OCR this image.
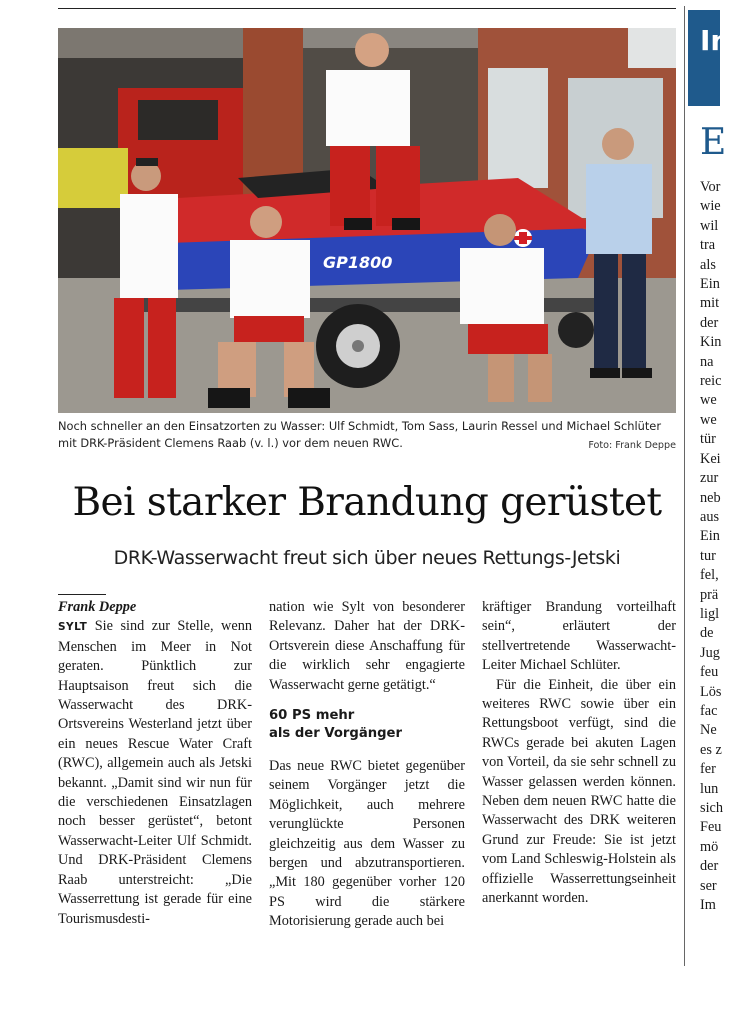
GP1800
Noch schneller an den Einsatzorten zu Wasser: Ulf Schmidt, Tom Sass, Laurin Ressel und Michael Schlüter mit DRK-Präsident Clemens Raab (v. l.) vor dem neuen RWC.	Foto: Frank Deppe
Bei starker Brandung gerüstet
DRK-Wasserwacht freut sich über neues Rettungs-Jetski

Frank Deppe

SYLT Sie sind zur Stelle, wenn Menschen im Meer in Not geraten. Pünktlich zur Hauptsaison freut sich die Wasserwacht des DRK-Ortsvereins Westerland jetzt über ein neues Rescue Water Craft (RWC), allgemein auch als Jetski bekannt. „Damit sind wir nun für die verschiedenen Einsatzlagen noch besser gerüstet“, betont Wasserwacht-Leiter Ulf Schmidt. Und DRK-Präsident Clemens Raab unterstreicht: „Die Wasserrettung ist gerade für eine Tourismusdesti-

nation wie Sylt von besonderer Relevanz. Daher hat der DRK-Ortsverein diese Anschaffung für die wirklich sehr engagierte Wasserwacht gerne getätigt.“

60 PS mehr
als der Vorgänger

Das neue RWC bietet gegenüber seinem Vorgänger jetzt die Möglichkeit, auch mehrere verunglückte Personen gleichzeitig aus dem Wasser zu bergen und abzutransportieren. „Mit 180 gegenüber vorher 120 PS wird die stärkere Motorisierung gerade auch bei

kräftiger Brandung vorteilhaft sein“, erläutert der stellvertretende Wasserwacht-Leiter Michael Schlüter.

Für die Einheit, die über ein weiteres RWC sowie über ein Rettungsboot verfügt, sind die RWCs gerade bei akuten Lagen von Vorteil, da sie sehr schnell zu Wasser gelassen werden können. Neben dem neuen RWC hatte die Wasserwacht des DRK weiteren Grund zur Freude: Sie ist jetzt vom Land Schleswig-Holstein als offizielle Wasserrettungseinheit anerkannt worden.

In
E
Vor
wie
wil
tra
als
Ein
mit
der
Kin
na
reic
we
we
tür
Kei
zur
neb
aus
Ein
tur
fel,
prä
ligl
de
Jug
feu
Lös
fac
Ne
es z
fer
lun
sich
Feu
mö
der
ser
Im
